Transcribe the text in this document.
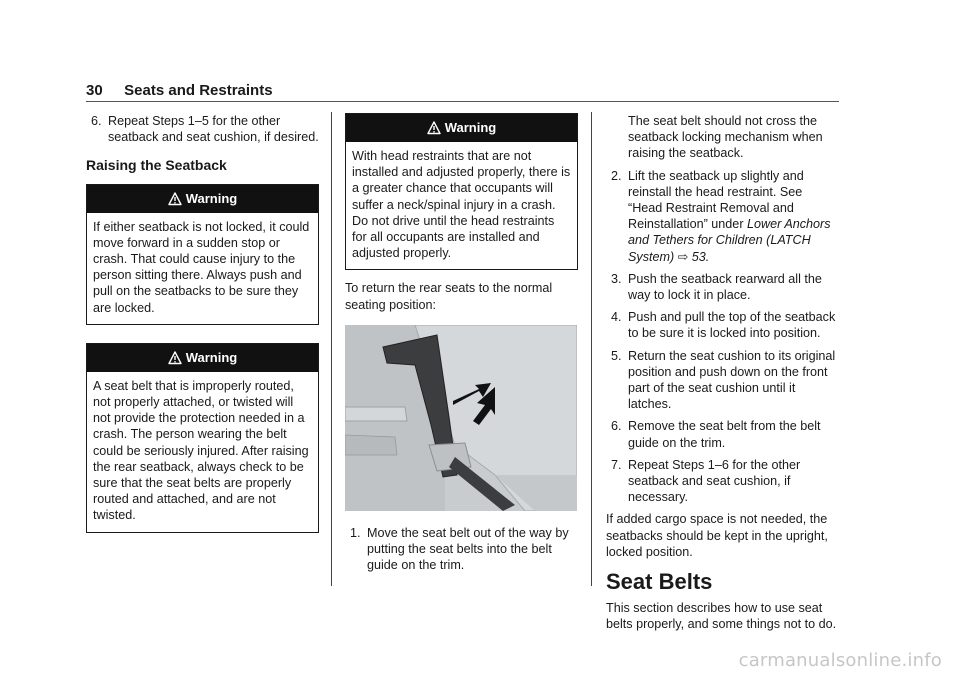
30 Seats and Restraints
6. Repeat Steps 1–5 for the other seatback and seat cushion, if desired.
Raising the Seatback
Warning
If either seatback is not locked, it could move forward in a sudden stop or crash. That could cause injury to the person sitting there. Always push and pull on the seatbacks to be sure they are locked.
Warning
A seat belt that is improperly routed, not properly attached, or twisted will not provide the protection needed in a crash. The person wearing the belt could be seriously injured. After raising the rear seatback, always check to be sure that the seat belts are properly routed and attached, and are not twisted.
Warning
With head restraints that are not installed and adjusted properly, there is a greater chance that occupants will suffer a neck/spinal injury in a crash. Do not drive until the head restraints for all occupants are installed and adjusted properly.
To return the rear seats to the normal seating position:
1. Move the seat belt out of the way by putting the seat belts into the belt guide on the trim.
The seat belt should not cross the seatback locking mechanism when raising the seatback.
2. Lift the seatback up slightly and reinstall the head restraint. See “Head Restraint Removal and Reinstallation” under Lower Anchors and Tethers for Children (LATCH System) ⇨ 53.
3. Push the seatback rearward all the way to lock it in place.
4. Push and pull the top of the seatback to be sure it is locked into position.
5. Return the seat cushion to its original position and push down on the front part of the seat cushion until it latches.
6. Remove the seat belt from the belt guide on the trim.
7. Repeat Steps 1–6 for the other seatback and seat cushion, if necessary.
If added cargo space is not needed, the seatbacks should be kept in the upright, locked position.
Seat Belts
This section describes how to use seat belts properly, and some things not to do.
carmanualsonline.info
